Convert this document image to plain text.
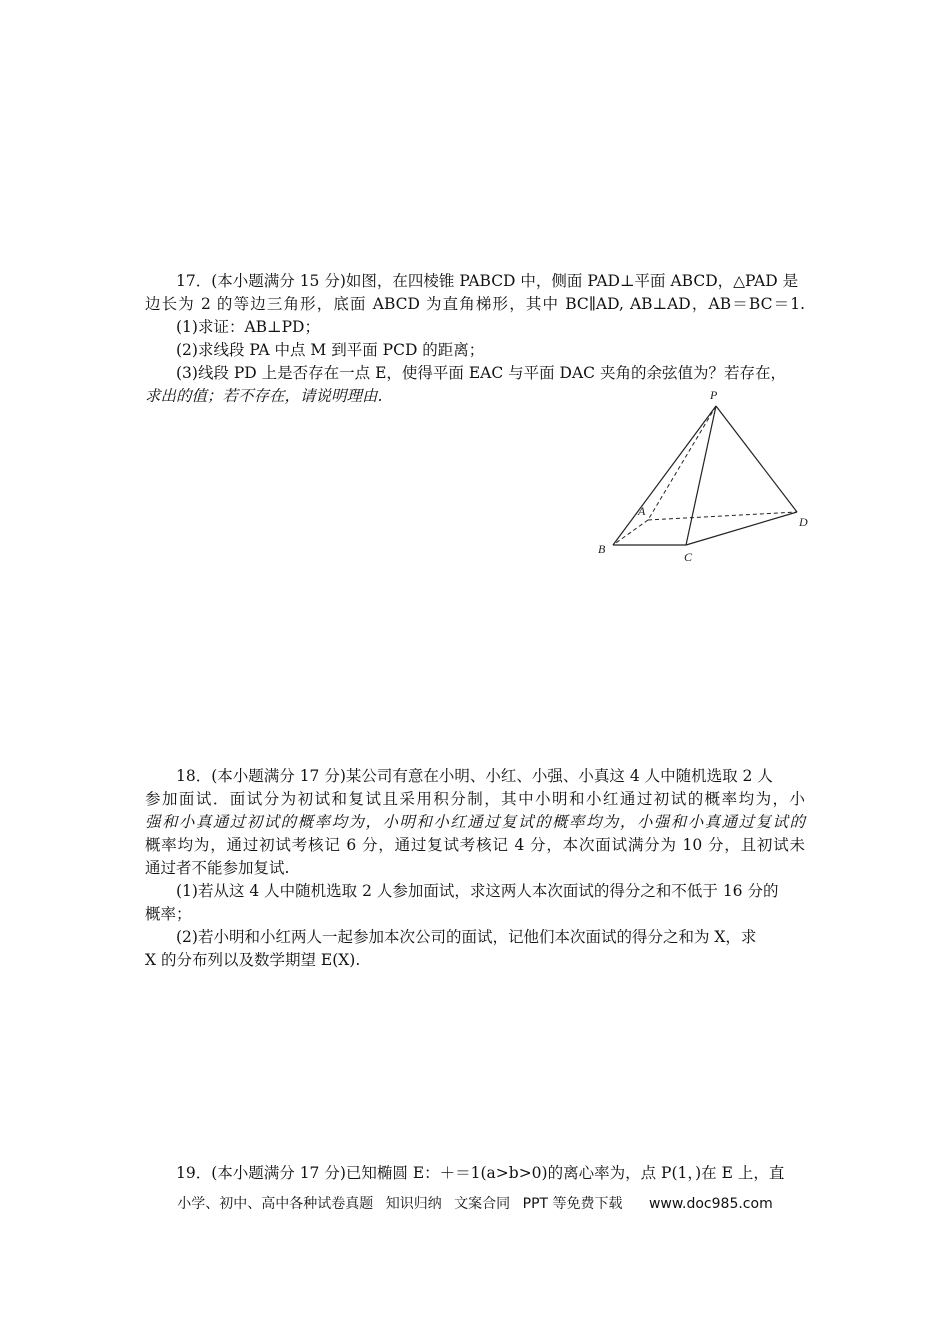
17．(本小题满分 15 分)如图，在四棱锥 PABCD 中，侧面 PAD⊥平面 ABCD，△PAD 是
边长为 2 的等边三角形，底面 ABCD 为直角梯形，其中 BC∥AD, AB⊥AD，AB＝BC＝1.
(1)求证：AB⊥PD；
(2)求线段 PA 中点 M 到平面 PCD 的距离；
(3)线段 PD 上是否存在一点 E，使得平面 EAC 与平面 DAC 夹角的余弦值为？若存在，
求出的值；若不存在，请说明理由.	P
A
B
C
D
18．(本小题满分 17 分)某公司有意在小明、小红、小强、小真这 4 人中随机选取 2 人
参加面试．面试分为初试和复试且采用积分制，其中小明和小红通过初试的概率均为，小
强和小真通过初试的概率均为，小明和小红通过复试的概率均为，小强和小真通过复试的
概率均为，通过初试考核记 6 分，通过复试考核记 4 分，本次面试满分为 10 分，且初试未
通过者不能参加复试.
(1)若从这 4 人中随机选取 2 人参加面试，求这两人本次面试的得分之和不低于 16 分的
概率；
(2)若小明和小红两人一起参加本次公司的面试，记他们本次面试的得分之和为 X，求
X 的分布列以及数学期望 E(X).
19．(本小题满分 17 分)已知椭圆 E：＋＝1(a>b>0)的离心率为，点 P(1，)在 E 上，直
小学、初中、高中各种试卷真题 知识归纳 文案合同 PPT 等免费下载 www.doc985.com
